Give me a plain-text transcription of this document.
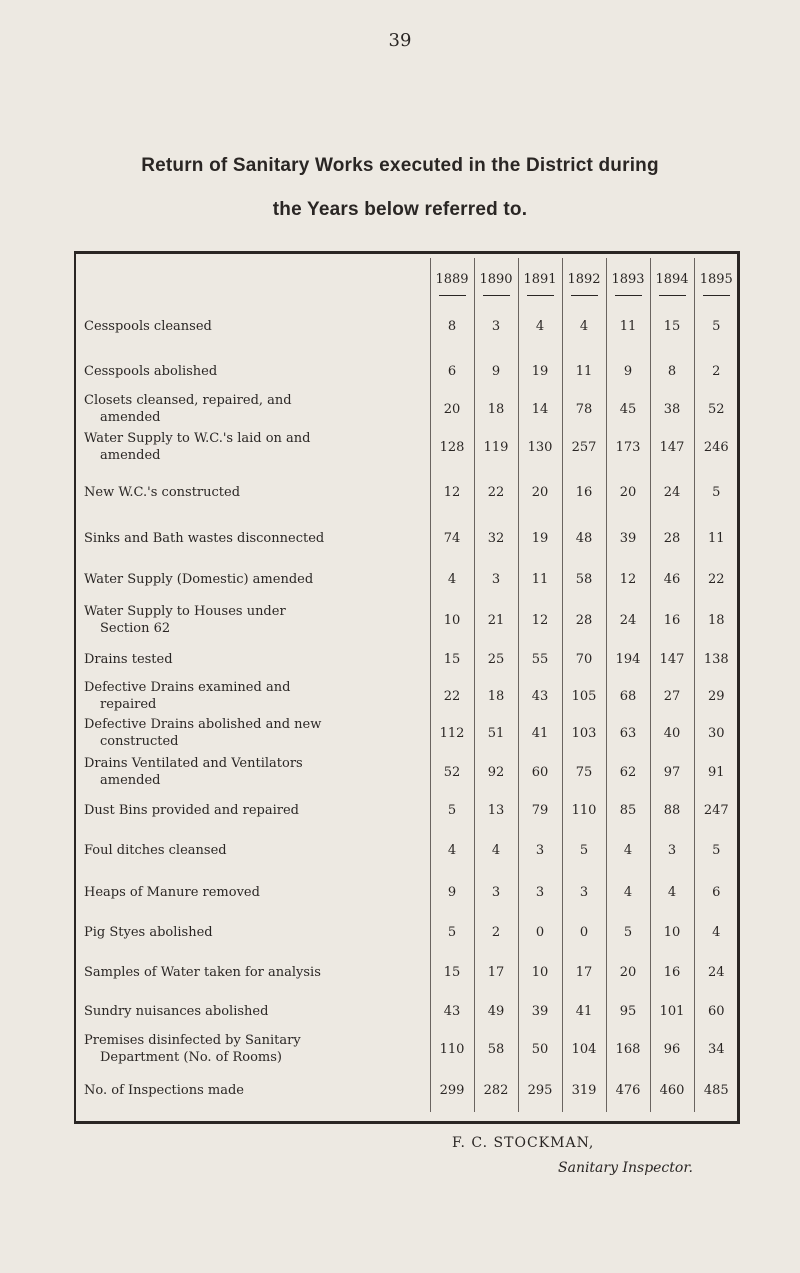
39
Return of Sanitary Works executed in the District during
the Years below referred to.
	1889	1890	1891	1892	1893	1894	1895

Cesspools cleansed	8	3	4	4	11	15	5

Cesspools abolished	6	9	19	11	9	8	2

Closets cleansed, repaired, and
amended	20	18	14	78	45	38	52

Water Supply to W.C.'s laid on and
amended	128	119	130	257	173	147	246

New W.C.'s constructed	12	22	20	16	20	24	5

Sinks and Bath wastes disconnected	74	32	19	48	39	28	11

Water Supply (Domestic) amended	4	3	11	58	12	46	22

Water Supply to Houses under
Section 62	10	21	12	28	24	16	18

Drains tested	15	25	55	70	194	147	138

Defective Drains examined and
repaired	22	18	43	105	68	27	29

Defective Drains abolished and new
constructed	112	51	41	103	63	40	30

Drains Ventilated and Ventilators
amended	52	92	60	75	62	97	91

Dust Bins provided and repaired	5	13	79	110	85	88	247

Foul ditches cleansed	4	4	3	5	4	3	5

Heaps of Manure removed	9	3	3	3	4	4	6

Pig Styes abolished	5	2	0	0	5	10	4

Samples of Water taken for analysis	15	17	10	17	20	16	24

Sundry nuisances abolished	43	49	39	41	95	101	60

Premises disinfected by Sanitary
Department (No. of Rooms)	110	58	50	104	168	96	34

No. of Inspections made	299	282	295	319	476	460	485
F. C. STOCKMAN,
Sanitary Inspector.
